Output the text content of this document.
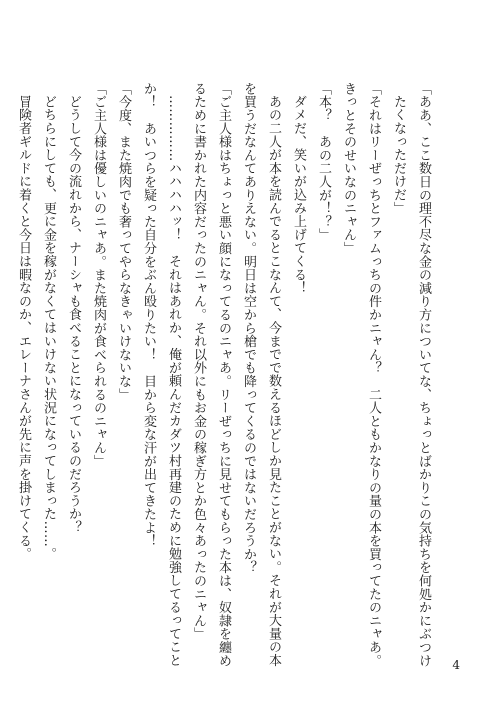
「ああ、ここ数日の理不尽な金の減り方についてな、ちょっとばかりこの気持ちを何処かにぶつけ
たくなっただけだ」
「それはリーぜっちとファムっちの件かニャん？　二人ともかなりの量の本を買ってたのニャあ。
きっとそのせいなのニャん」
「本？　あの二人が！？」
ダメだ、笑いが込み上げてくる！
あの二人が本を読んでるとこなんて、今までで数えるほどしか見たことがない。それが大量の本
を買うだなんてありえない。明日は空から槍でも降ってくるのではないだろうか？
「ご主人様はちょっと悪い顔になってるのニャあ。リーぜっちに見せてもらった本は、奴隷を纏め
るために書かれた内容だったのニャん。それ以外にもお金の稼ぎ方とか色々あったのニャん」
……………ハハハハッ！　それはあれか、俺が頼んだカダツ村再建のために勉強してるってこと
か！　あいつらを疑った自分をぶん殴りたい！　目から変な汗が出てきたよ！
「今度、また焼肉でも奢ってやらなきゃいけないな」
「ご主人様は優しいのニャあ。また焼肉が食べられるのニャん」
どうして今の流れから、ナーシャも食べることになっているのだろうか？
どちらにしても、更に金を稼がなくてはいけない状況になってしまった……。
冒険者ギルドに着くと今日は暇なのか、エレーナさんが先に声を掛けてくる。
4
